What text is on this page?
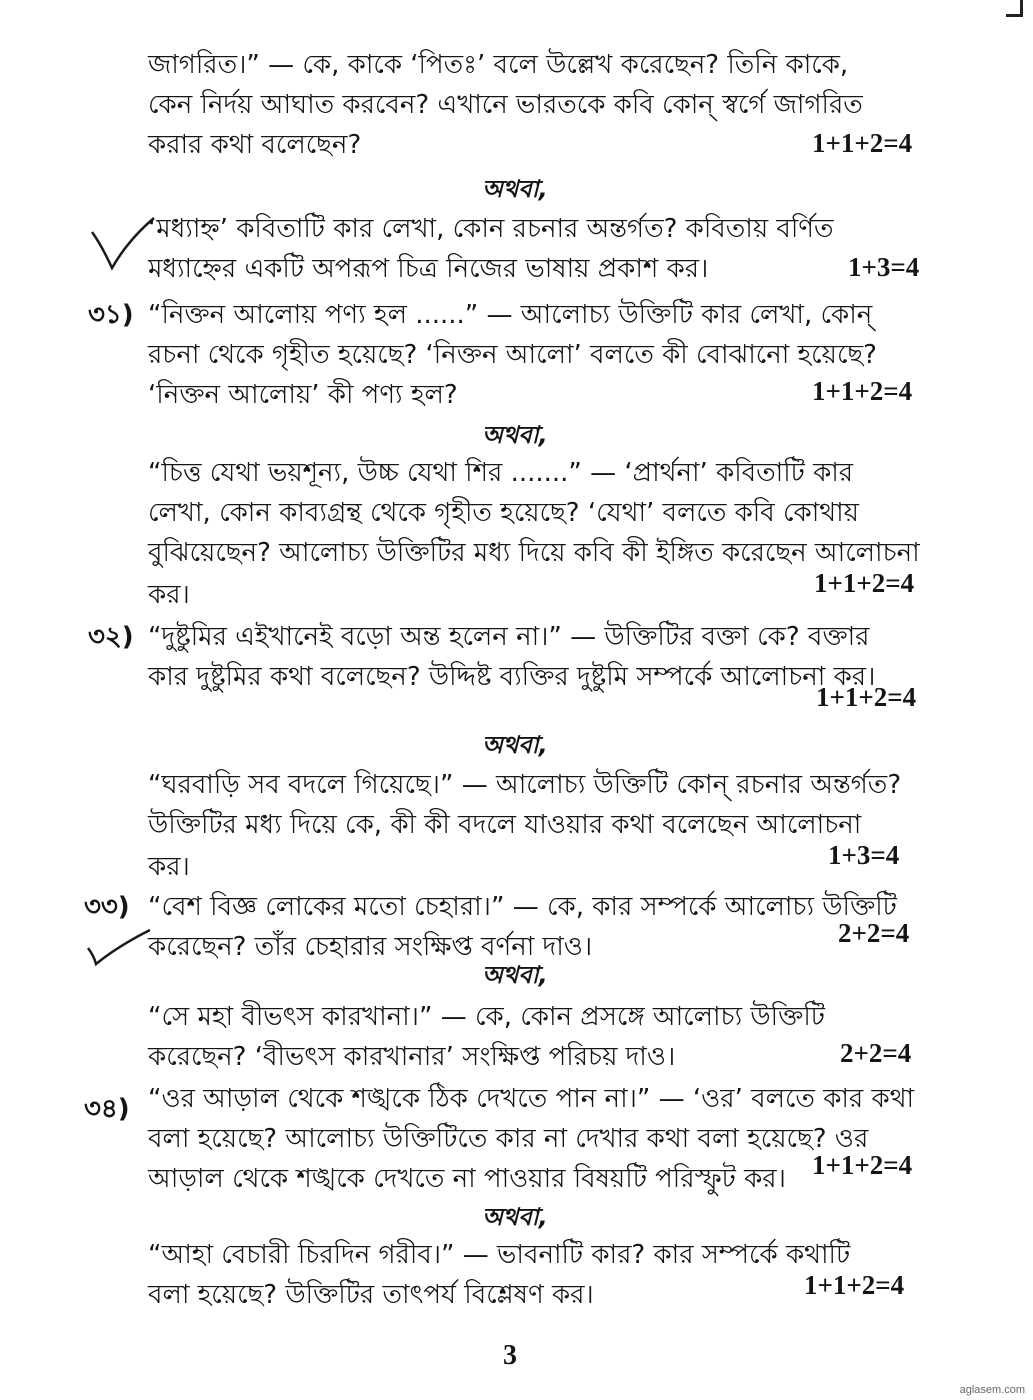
জাগরিত।” — কে, কাকে ‘পিতঃ’ বলে উল্লেখ করেছেন? তিনি কাকে,
কেন নির্দয় আঘাত করবেন? এখানে ভারতকে কবি কোন্ স্বর্গে জাগরিত
করার কথা বলেছেন?	1+1+2=4
অথবা,
‘মধ্যাহ্ন’ কবিতাটি কার লেখা, কোন রচনার অন্তর্গত? কবিতায় বর্ণিত
মধ্যাহ্নের একটি অপরূপ চিত্র নিজের ভাষায় প্রকাশ কর।	1+3=4
৩১) “নিক্তন আলোয় পণ্য হল ......” — আলোচ্য উক্তিটি কার লেখা, কোন্
রচনা থেকে গৃহীত হয়েছে? ‘নিক্তন আলো’ বলতে কী বোঝানো হয়েছে?
‘নিক্তন আলোয়’ কী পণ্য হল?	1+1+2=4
অথবা,
“চিত্ত যেথা ভয়শূন্য, উচ্চ যেথা শির .......” — ‘প্রার্থনা’ কবিতাটি কার
লেখা, কোন কাব্যগ্রন্থ থেকে গৃহীত হয়েছে? ‘যেথা’ বলতে কবি কোথায়
বুঝিয়েছেন? আলোচ্য উক্তিটির মধ্য দিয়ে কবি কী ইঙ্গিত করেছেন আলোচনা
1+1+2=4
কর।
৩২) “দুষ্টুমির এইখানেই বড়ো অন্ত হলেন না।” — উক্তিটির বক্তা কে? বক্তার
কার দুষ্টুমির কথা বলেছেন? উদ্দিষ্ট ব্যক্তির দুষ্টুমি সম্পর্কে আলোচনা কর।
1+1+2=4
অথবা,
“ঘরবাড়ি সব বদলে গিয়েছে।” — আলোচ্য উক্তিটি কোন্ রচনার অন্তর্গত?
উক্তিটির মধ্য দিয়ে কে, কী কী বদলে যাওয়ার কথা বলেছেন আলোচনা
1+3=4
কর।
৩৩) “বেশ বিজ্ঞ লোকের মতো চেহারা।” — কে, কার সম্পর্কে আলোচ্য উক্তিটি
করেছেন? তাঁর চেহারার সংক্ষিপ্ত বর্ণনা দাও।	2+2=4
অথবা,
“সে মহা বীভৎস কারখানা।” — কে, কোন প্রসঙ্গে আলোচ্য উক্তিটি
করেছেন? ‘বীভৎস কারখানার’ সংক্ষিপ্ত পরিচয় দাও।	2+2=4
৩৪) “ওর আড়াল থেকে শঙ্খকে ঠিক দেখতে পান না।” — ‘ওর’ বলতে কার কথা
বলা হয়েছে? আলোচ্য উক্তিটিতে কার না দেখার কথা বলা হয়েছে? ওর
আড়াল থেকে শঙ্খকে দেখতে না পাওয়ার বিষয়টি পরিস্ফুট কর। 1+1+2=4
অথবা,
“আহা বেচারী চিরদিন গরীব।” — ভাবনাটি কার? কার সম্পর্কে কথাটি
বলা হয়েছে? উক্তিটির তাৎপর্য বিশ্লেষণ কর।	1+1+2=4
3
aglasem.com
